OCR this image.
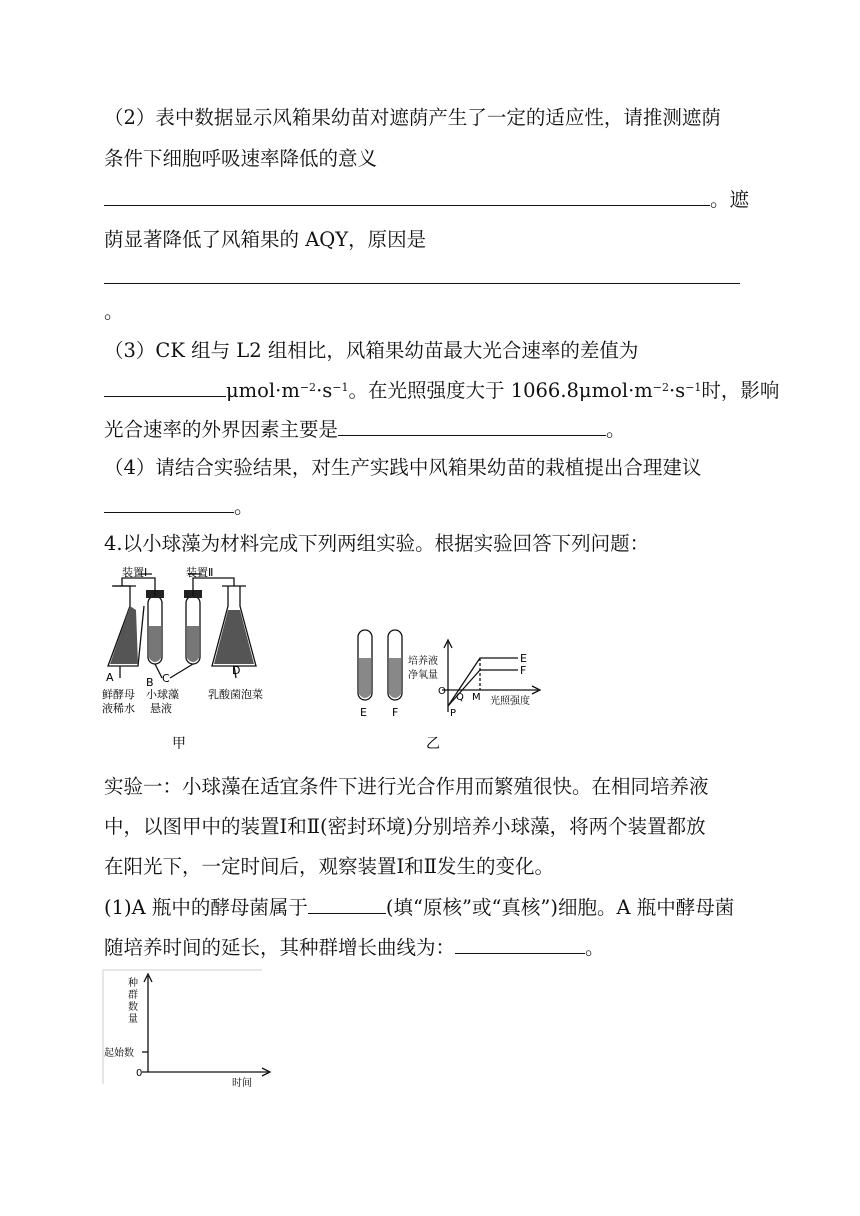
（2）表中数据显示风箱果幼苗对遮荫产生了一定的适应性，请推测遮荫
条件下细胞呼吸速率降低的意义
。遮
荫显著降低了风箱果的 AQY，原因是
。
（3）CK 组与 L2 组相比，风箱果幼苗最大光合速率的差值为
$\mu mol\cdot m^{-2}\cdot s^{-1}$。在光照强度大于 $1066.8\mu mol\cdot m^{-2}\cdot s^{-1}$时，影响
光合速率的外界因素主要是	。
（4）请结合实验结果，对生产实践中风箱果幼苗的栽植提出合理建议
。
4.以小球藻为材料完成下列两组实验。根据实验回答下列问题：
装置Ⅰ	装置Ⅱ
A	B C
D
鲜酵母
液稀水
小球藻
悬液
乳酸菌泡菜
甲
E F
E
F
培养液
净氧量
O
Q M
P
光照强度
乙
实验一：小球藻在适宜条件下进行光合作用而繁殖很快。在相同培养液
中，以图甲中的装置Ⅰ和Ⅱ(密封环境)分别培养小球藻，将两个装置都放
在阳光下，一定时间后，观察装置Ⅰ和Ⅱ发生的变化。
(1)A 瓶中的酵母菌属于	(填“原核”或“真核”)细胞。A 瓶中酵母菌
随培养时间的延长，其种群增长曲线为：	。
种
群
数
量
起始数
0
时间
